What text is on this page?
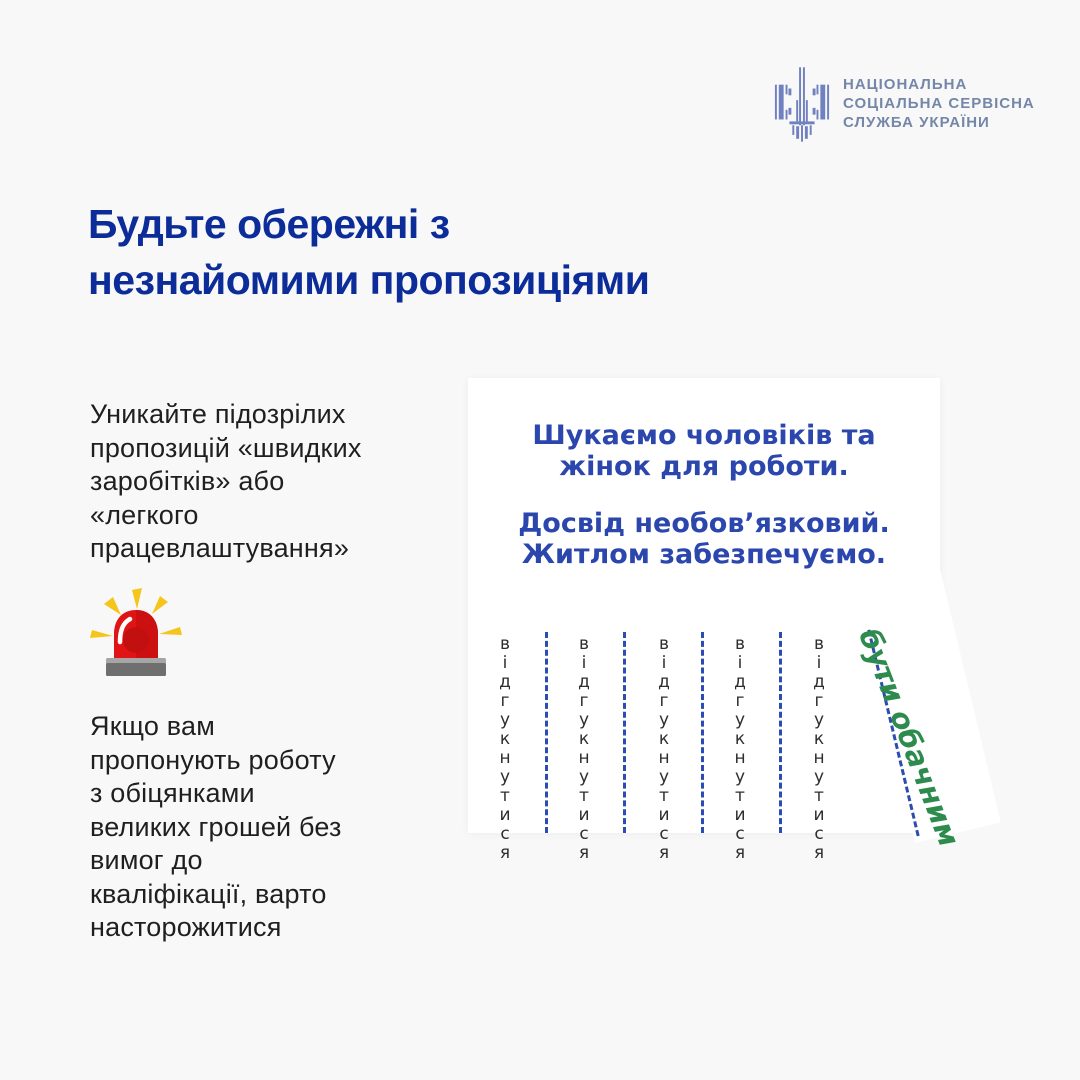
НАЦІОНАЛЬНА
СОЦІАЛЬНА СЕРВІСНА
СЛУЖБА УКРАЇНИ
Будьте обережні з
незнайомими пропозиціями
Уникайте підозрілих
пропозицій «швидких
заробітків» або
«легкого
працевлаштування»
Якщо вам
пропонують роботу
з обіцянками
великих грошей без
вимог до
кваліфікації, варто
насторожитися
Шукаємо чоловіків та
жінок для роботи.
Досвід необов’язковий.
Житлом забезпечуємо.
відгукнутися	відгукнутися	відгукнутися	відгукнутися	відгукнутися бути обачним
